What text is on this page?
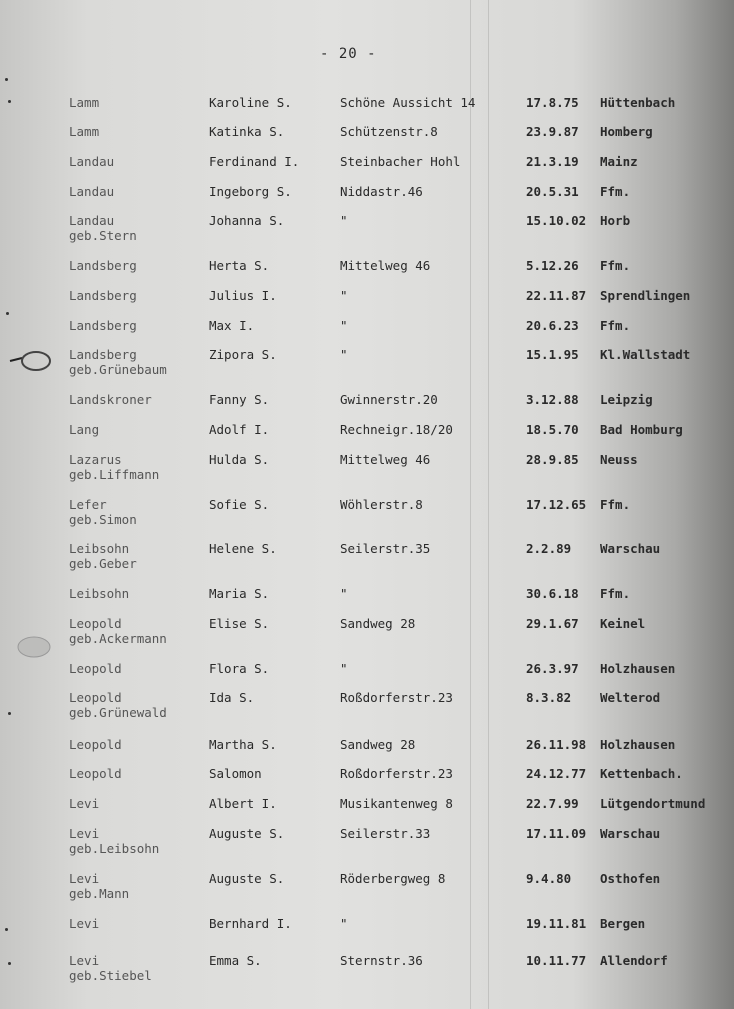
- 20 -
Lamm	Karoline S.	Schöne Aussicht 14	17.8.75 Hüttenbach
Lamm	Katinka S.	Schützenstr.8	23.9.87 Homberg
Landau	Ferdinand I.	Steinbacher Hohl	21.3.19 Mainz
Landau	Ingeborg S.	Niddastr.46	20.5.31 Ffm.
Landau	Johanna S.	"	15.10.02 Horb
geb.Stern
Landsberg	Herta S.	Mittelweg 46	5.12.26 Ffm.
Landsberg	Julius I.	"	22.11.87 Sprendlingen
Landsberg	Max I.	"	20.6.23 Ffm.
Landsberg	Zipora S.	"	15.1.95 Kl.Wallstadt
geb.Grünebaum
Landskroner	Fanny S.	Gwinnerstr.20	3.12.88 Leipzig
Lang	Adolf I.	Rechneigr.18/20	18.5.70 Bad Homburg
Lazarus	Hulda S.	Mittelweg 46	28.9.85 Neuss
geb.Liffmann
Lefer	Sofie S.	Wöhlerstr.8	17.12.65 Ffm.
geb.Simon
Leibsohn	Helene S.	Seilerstr.35	2.2.89 Warschau
geb.Geber
Leibsohn	Maria S.	"	30.6.18 Ffm.
Leopold	Elise S.	Sandweg 28	29.1.67 Keinel
geb.Ackermann
Leopold	Flora S.	"	26.3.97 Holzhausen
Leopold	Ida S.	Roßdorferstr.23	8.3.82 Welterod
geb.Grünewald
Leopold	Martha S.	Sandweg 28	26.11.98 Holzhausen
Leopold	Salomon	Roßdorferstr.23	24.12.77 Kettenbach.
Levi	Albert I.	Musikantenweg 8	22.7.99 Lütgendortmund
Levi	Auguste S.	Seilerstr.33	17.11.09 Warschau
geb.Leibsohn
Levi	Auguste S.	Röderbergweg 8	9.4.80 Osthofen
geb.Mann
Levi	Bernhard I.	"	19.11.81 Bergen
Levi	Emma S.	Sternstr.36	10.11.77 Allendorf
geb.Stiebel
